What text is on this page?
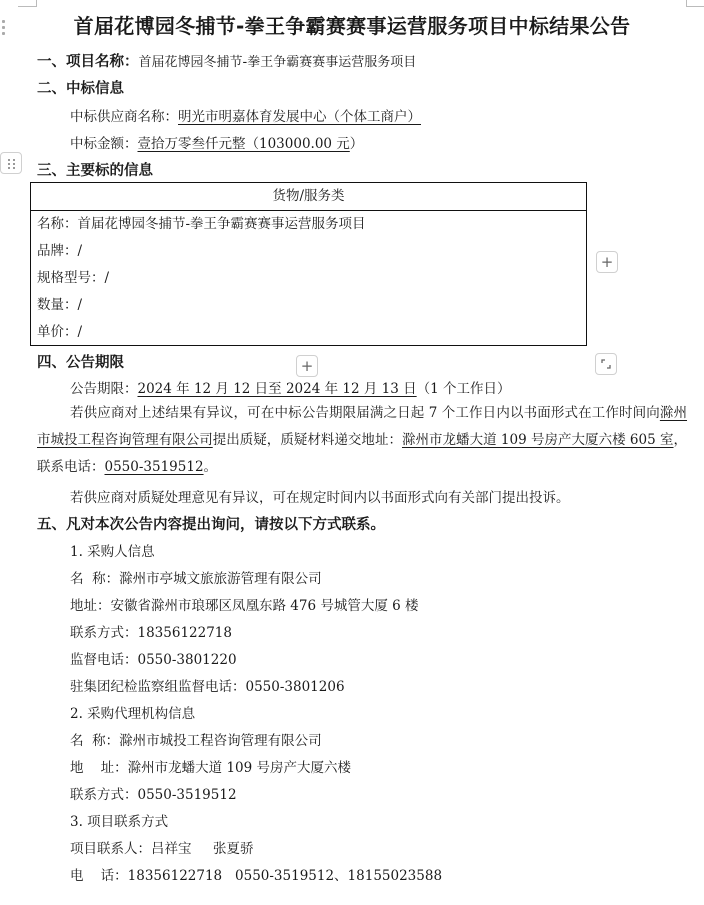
首届花博园冬捕节-拳王争霸赛赛事运营服务项目中标结果公告
一、项目名称：首届花博园冬捕节-拳王争霸赛赛事运营服务项目
二、中标信息
中标供应商名称：明光市明嘉体育发展中心（个体工商户）
中标金额：壹拾万零叁仟元整（103000.00 元）
三、主要标的信息
货物/服务类
名称：首届花博园冬捕节-拳王争霸赛赛事运营服务项目
品牌：/
规格型号：/
数量：/
单价：/
+
+
四、公告期限
公告期限：2024 年 12 月 12 日至 2024 年 12 月 13 日（1 个工作日）
若供应商对上述结果有异议，可在中标公告期限届满之日起 7 个工作日内以书面形式在工作时间向滁州市城投工程咨询管理有限公司提出质疑，质疑材料递交地址：滁州市龙蟠大道 109 号房产大厦六楼 605 室，联系电话：0550-3519512。
若供应商对质疑处理意见有异议，可在规定时间内以书面形式向有关部门提出投诉。
五、凡对本次公告内容提出询问，请按以下方式联系。
1. 采购人信息
名  称：滁州市亭城文旅旅游管理有限公司
地址：安徽省滁州市琅琊区凤凰东路 476 号城管大厦 6 楼
联系方式：18356122718
监督电话：0550-3801220
驻集团纪检监察组监督电话：0550-3801206
2. 采购代理机构信息
名  称：滁州市城投工程咨询管理有限公司
地    址：滁州市龙蟠大道 109 号房产大厦六楼
联系方式：0550-3519512
3. 项目联系方式
项目联系人：吕祥宝     张夏骄
电    话：18356122718   0550-3519512、18155023588
